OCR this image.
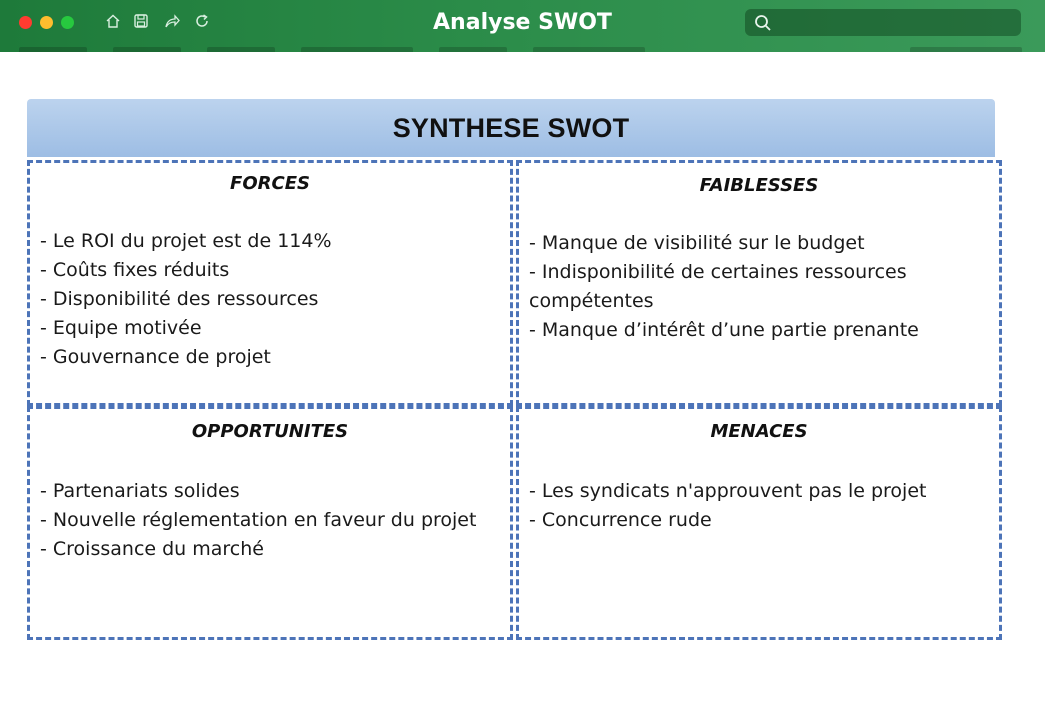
Analyse SWOT
SYNTHESE SWOT
FORCES
- Le ROI du projet est de 114%
- Coûts fixes réduits
- Disponibilité des ressources
- Equipe motivée
- Gouvernance de projet
FAIBLESSES
- Manque de visibilité sur le budget
- Indisponibilité de certaines ressources compétentes
- Manque d’intérêt d’une partie prenante
OPPORTUNITES
- Partenariats solides
- Nouvelle réglementation en faveur du projet
- Croissance du marché
MENACES
- Les syndicats n'approuvent pas le projet
- Concurrence rude
